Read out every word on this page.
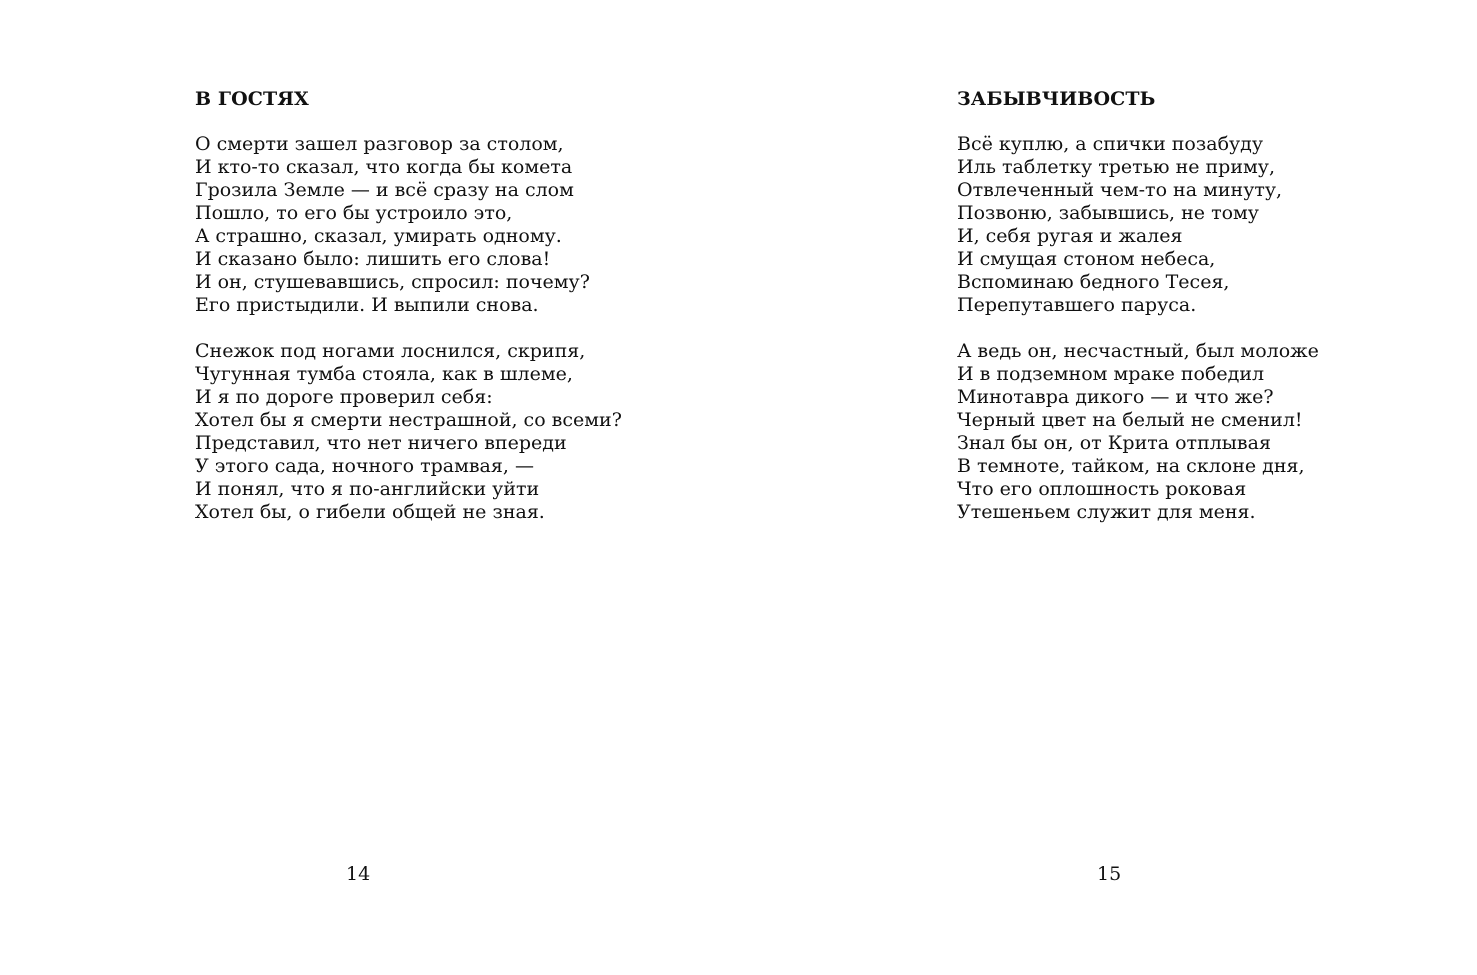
В ГОСТЯХ
О смерти зашел разговор за столом,
И кто-то сказал, что когда бы комета
Грозила Земле — и всё сразу на слом
Пошло, то его бы устроило это,
А страшно, сказал, умирать одному.
И сказано было: лишить его слова!
И он, стушевавшись, спросил: почему?
Его пристыдили. И выпили снова.
Снежок под ногами лоснился, скрипя,
Чугунная тумба стояла, как в шлеме,
И я по дороге проверил себя:
Хотел бы я смерти нестрашной, со всеми?
Представил, что нет ничего впереди
У этого сада, ночного трамвая, —
И понял, что я по-английски уйти
Хотел бы, о гибели общей не зная.
14
ЗАБЫВЧИВОСТЬ
Всё куплю, а спички позабуду
Иль таблетку третью не приму,
Отвлеченный чем-то на минуту,
Позвоню, забывшись, не тому
И, себя ругая и жалея
И смущая стоном небеса,
Вспоминаю бедного Тесея,
Перепутавшего паруса.
А ведь он, несчастный, был моложе
И в подземном мраке победил
Минотавра дикого — и что же?
Черный цвет на белый не сменил!
Знал бы он, от Крита отплывая
В темноте, тайком, на склоне дня,
Что его оплошность роковая
Утешеньем служит для меня.
15
